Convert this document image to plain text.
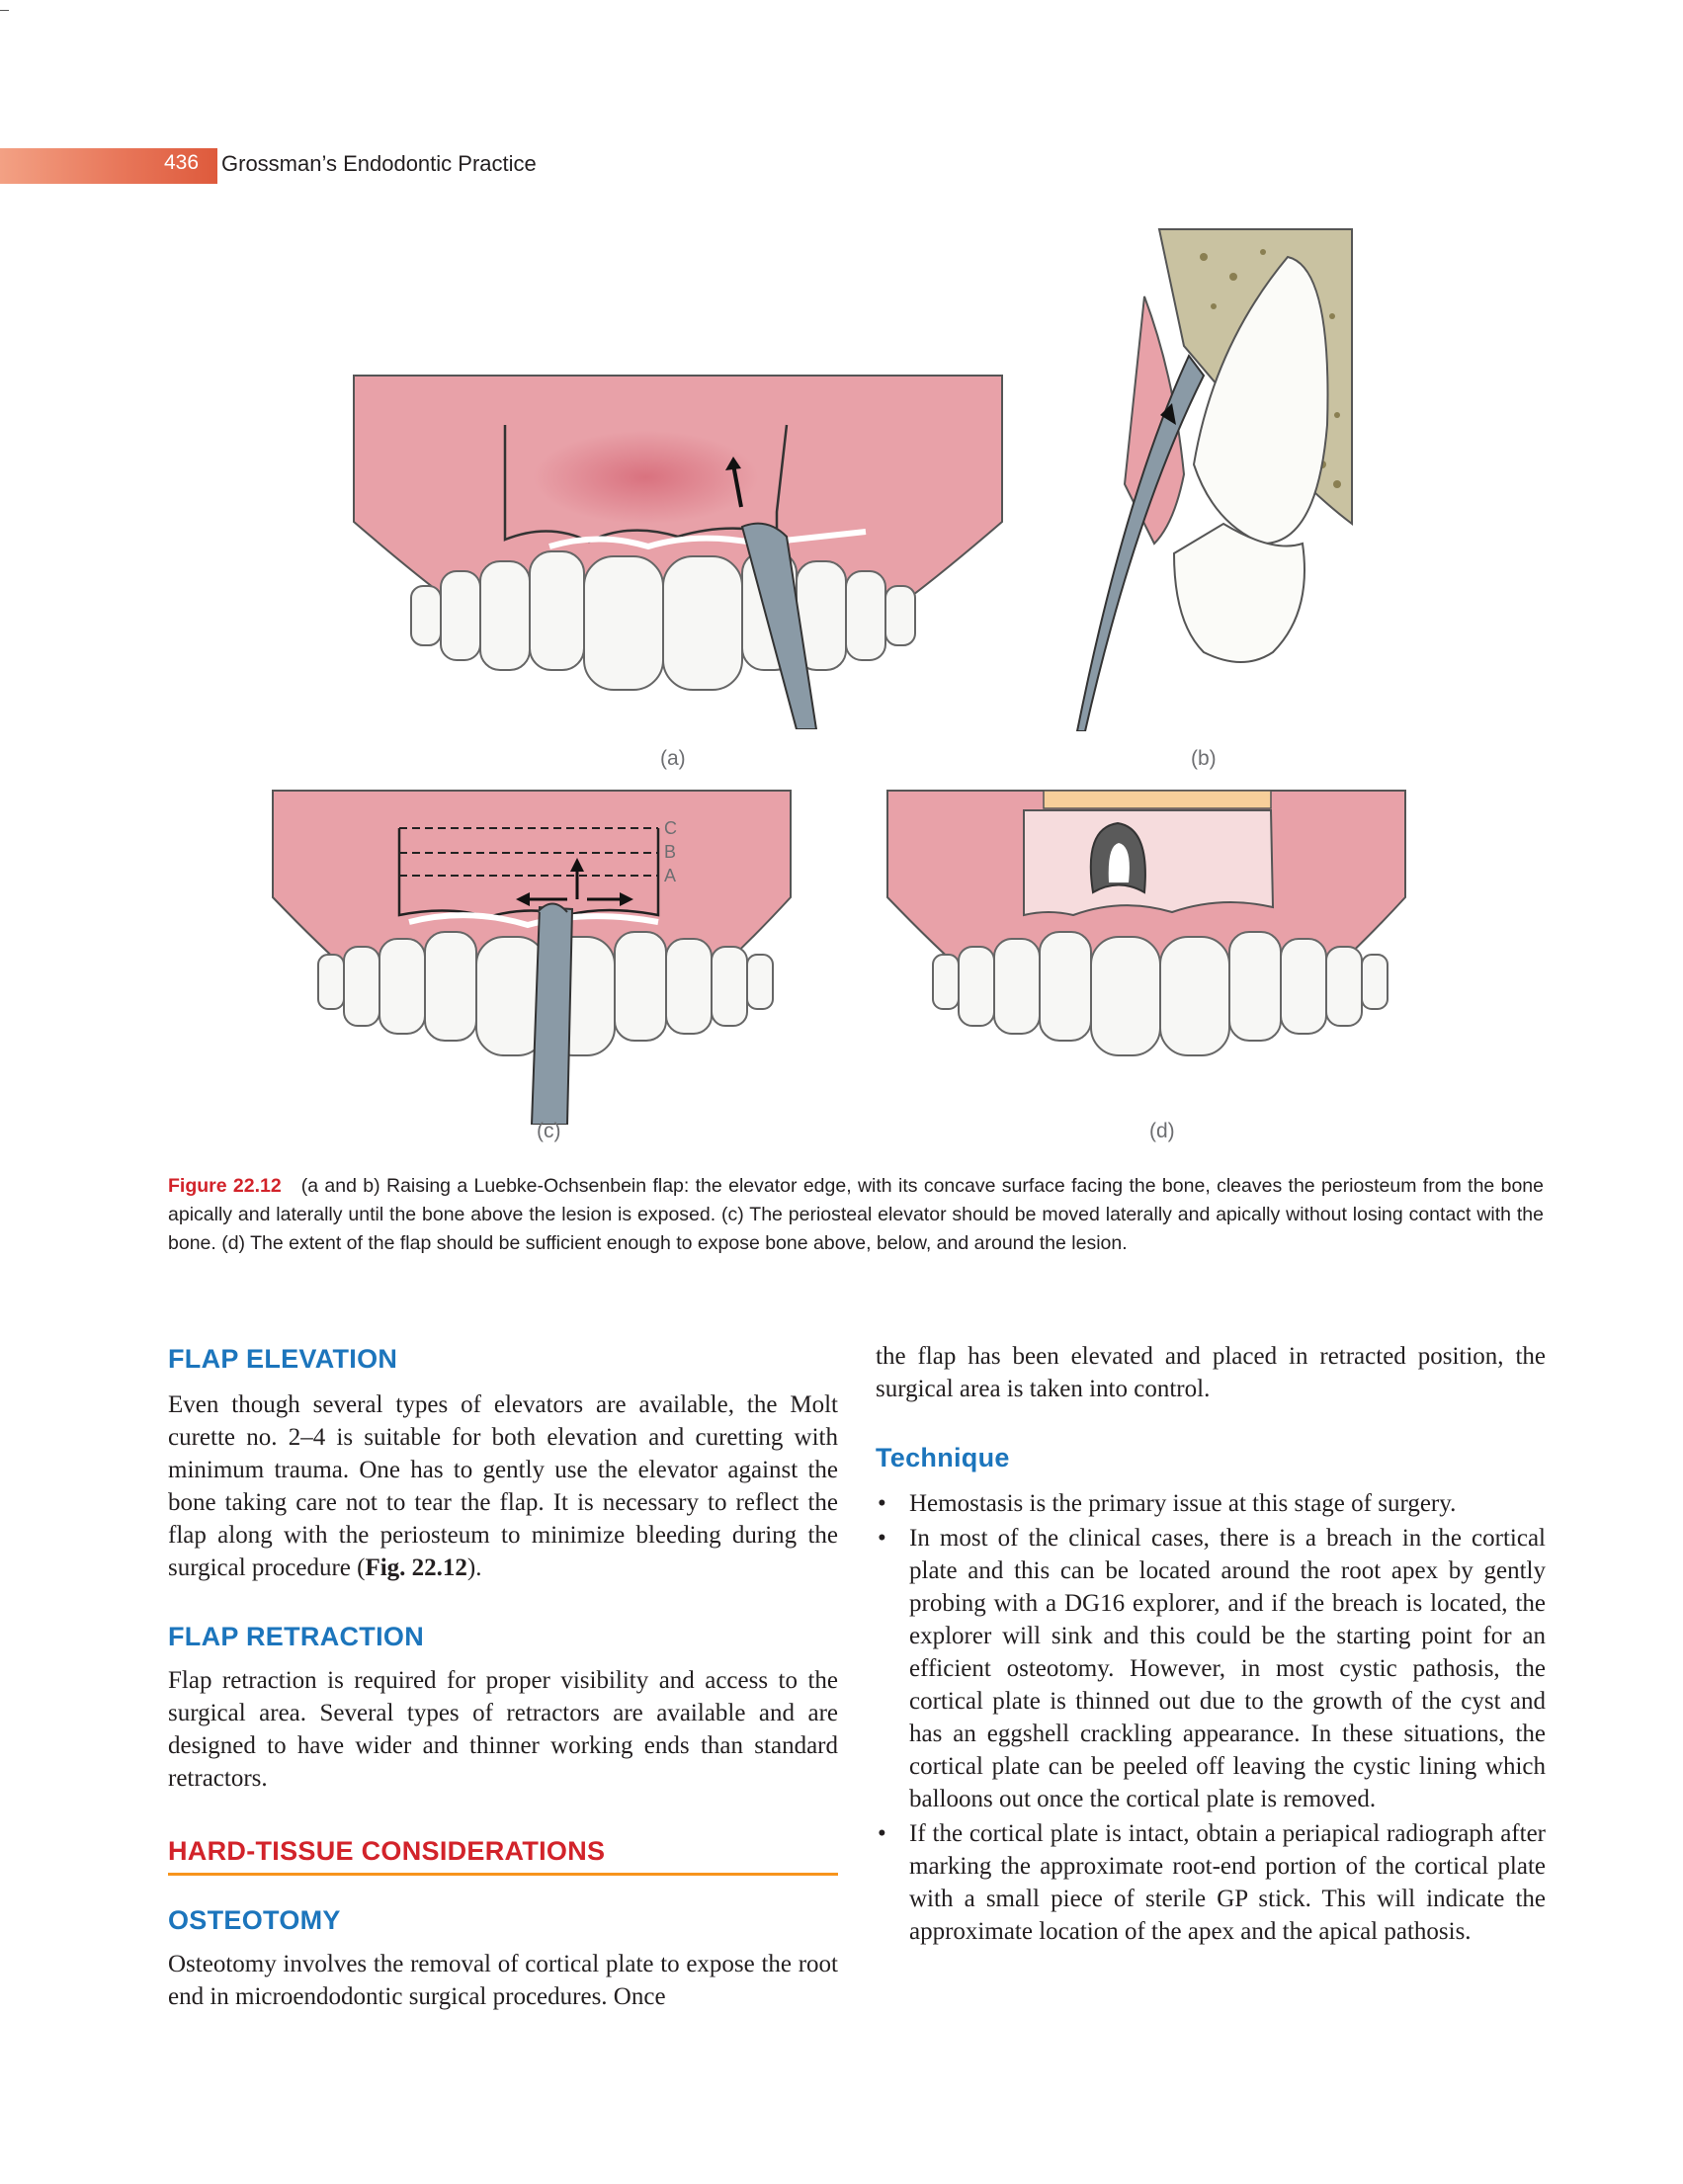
436 Grossman’s Endodontic Practice
(a)	(b)
C
B
A
(c)	(d)
Figure 22.12 (a and b) Raising a Luebke-Ochsenbein flap: the elevator edge, with its concave surface facing the bone, cleaves the periosteum from the bone apically and laterally until the bone above the lesion is exposed. (c) The periosteal elevator should be moved laterally and apically without losing contact with the bone. (d) The extent of the flap should be sufficient enough to expose bone above, below, and around the lesion.
FLAP ELEVATION

Even though several types of elevators are available, the Molt curette no. 2–4 is suitable for both elevation and curetting with minimum trauma. One has to gently use the elevator against the bone taking care not to tear the flap. It is necessary to reflect the flap along with the periosteum to minimize bleeding during the surgical procedure (Fig. 22.12).

FLAP RETRACTION

Flap retraction is required for proper visibility and access to the surgical area. Several types of retractors are available and are designed to have wider and thinner working ends than standard retractors.

HARD-TISSUE CONSIDERATIONS
OSTEOTOMY

Osteotomy involves the removal of cortical plate to expose the root end in microendodontic surgical procedures. Once

the flap has been elevated and placed in retracted position, the surgical area is taken into control.

Technique
• Hemostasis is the primary issue at this stage of surgery.
• In most of the clinical cases, there is a breach in the cortical plate and this can be located around the root apex by gently probing with a DG16 explorer, and if the breach is located, the explorer will sink and this could be the starting point for an efficient osteotomy. However, in most cystic pathosis, the cortical plate is thinned out due to the growth of the cyst and has an eggshell crackling appearance. In these situations, the cortical plate can be peeled off leaving the cystic lining which balloons out once the cortical plate is removed.
• If the cortical plate is intact, obtain a periapical radiograph after marking the approximate root-end portion of the cortical plate with a small piece of sterile GP stick. This will indicate the approximate location of the apex and the apical pathosis.
